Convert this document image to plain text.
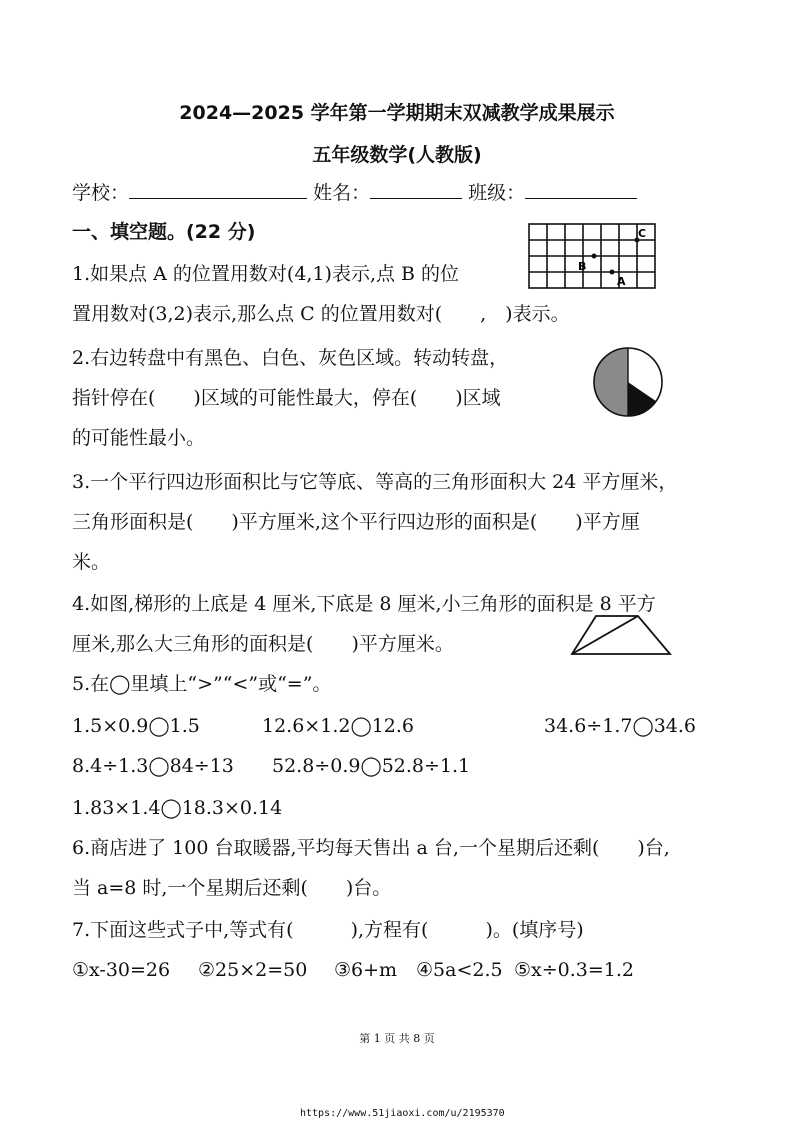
2024—2025 学年第一学期期末双减教学成果展示
五年级数学(人教版)
学校：	姓名：	班级：
一、填空题。(22 分)
1.如果点 A 的位置用数对(4,1)表示,点 B 的位
置用数对(3,2)表示,那么点 C 的位置用数对(　　,　)表示。
C
B
A
2.右边转盘中有黑色、白色、灰色区域。转动转盘，
指针停在(　　)区域的可能性最大，停在(　　)区域
的可能性最小。
3.一个平行四边形面积比与它等底、等高的三角形面积大 24 平方厘米，
三角形面积是(　　)平方厘米,这个平行四边形的面积是(　　)平方厘
米。
4.如图,梯形的上底是 4 厘米,下底是 8 厘米,小三角形的面积是 8 平方
厘米,那么大三角形的面积是(　　)平方厘米。
5.在◯里填上“>”“<”或“=”。
1.5×0.9◯1.5	12.6×1.2◯12.6	34.6÷1.7◯34.6
8.4÷1.3◯84÷13 52.8÷0.9◯52.8÷1.1
1.83×1.4◯18.3×0.14
6.商店进了 100 台取暖器,平均每天售出 a 台,一个星期后还剩(　　)台,
当 a=8 时,一个星期后还剩(　　)台。
7.下面这些式子中,等式有(　　　),方程有(　　　)。(填序号)
①x-30=26 ②25×2=50 ③6+m ④5a<2.5 ⑤x÷0.3=1.2
第 1 页 共 8 页
https://www.51jiaoxi.com/u/2195370
